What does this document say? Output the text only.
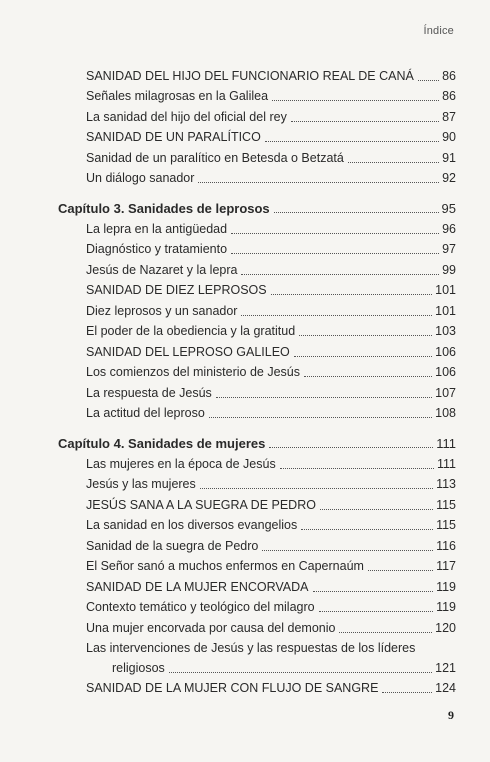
Índice
SANIDAD DEL HIJO DEL FUNCIONARIO REAL DE CANÁ 86
Señales milagrosas en la Galilea	86
La sanidad del hijo del oficial del rey	87
SANIDAD DE UN PARALÍTICO	90
Sanidad de un paralítico en Betesda o Betzatá	91
Un diálogo sanador	92
Capítulo 3. Sanidades de leprosos	95
La lepra en la antigüedad	96
Diagnóstico y tratamiento	97
Jesús de Nazaret y la lepra	99
SANIDAD DE DIEZ LEPROSOS	101
Diez leprosos y un sanador	101
El poder de la obediencia y la gratitud	103
SANIDAD DEL LEPROSO GALILEO	106
Los comienzos del ministerio de Jesús	106
La respuesta de Jesús	107
La actitud del leproso	108
Capítulo 4. Sanidades de mujeres	111
Las mujeres en la época de Jesús	111
Jesús y las mujeres	113
JESÚS SANA A LA SUEGRA DE PEDRO	115
La sanidad en los diversos evangelios	115
Sanidad de la suegra de Pedro	116
El Señor sanó a muchos enfermos en Capernaúm	117
SANIDAD DE LA MUJER ENCORVADA	119
Contexto temático y teológico del milagro	119
Una mujer encorvada por causa del demonio	120
Las intervenciones de Jesús y las respuestas de los líderes
religiosos	121
SANIDAD DE LA MUJER CON FLUJO DE SANGRE	124
9
